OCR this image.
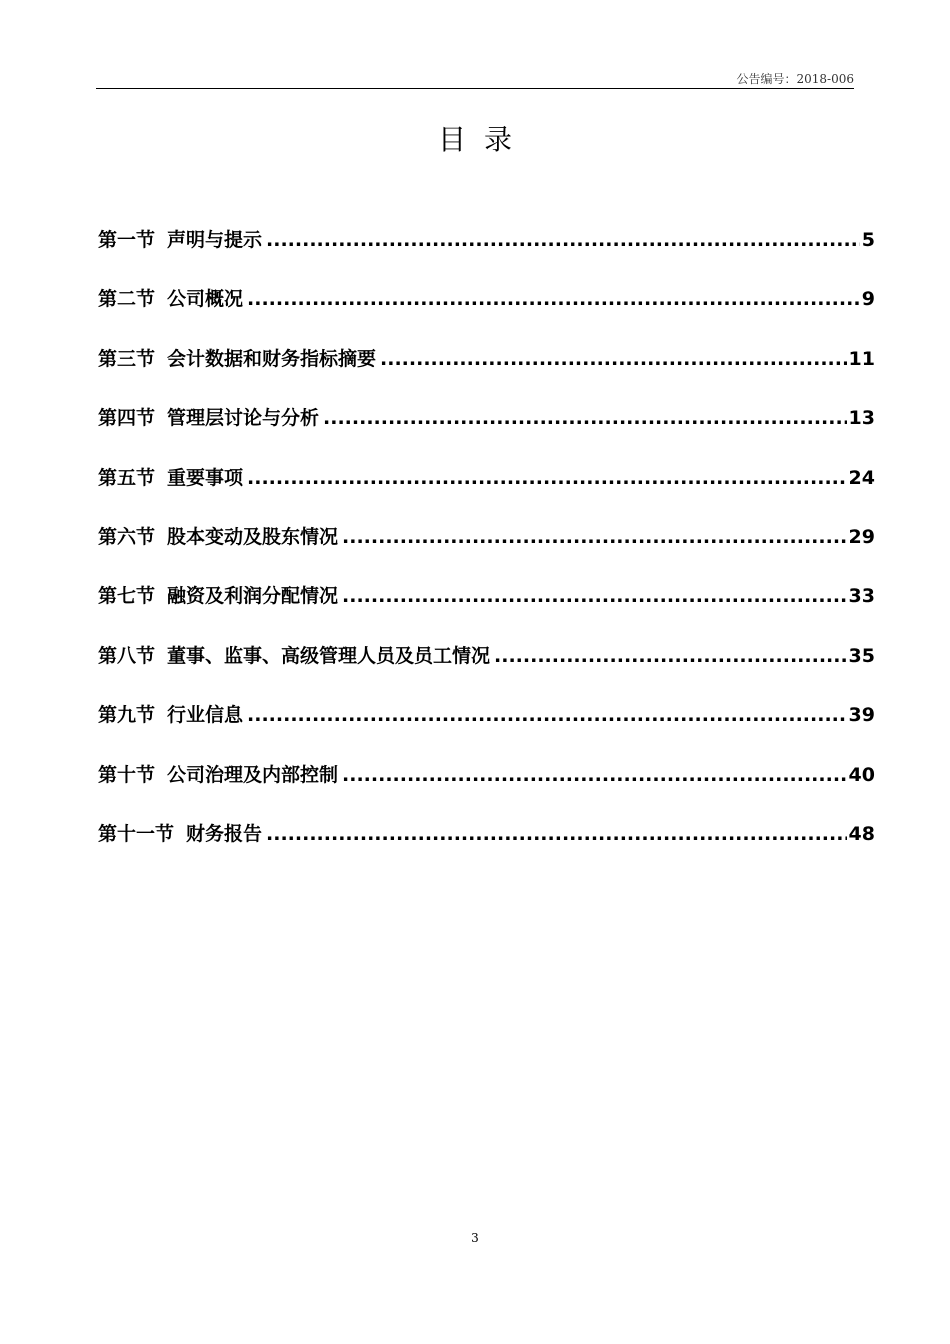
公告编号：2018-006
目录
第一节 声明与提示 .....	5
第二节 公司概况 .....	9
第三节 会计数据和财务指标摘要 .....	11
第四节 管理层讨论与分析 .....	13
第五节 重要事项 .....	24
第六节 股本变动及股东情况 .....	29
第七节 融资及利润分配情况 .....	33
第八节 董事、监事、高级管理人员及员工情况 .....	35
第九节 行业信息 .....	39
第十节 公司治理及内部控制 .....	40
第十一节 财务报告 .....	48
3
